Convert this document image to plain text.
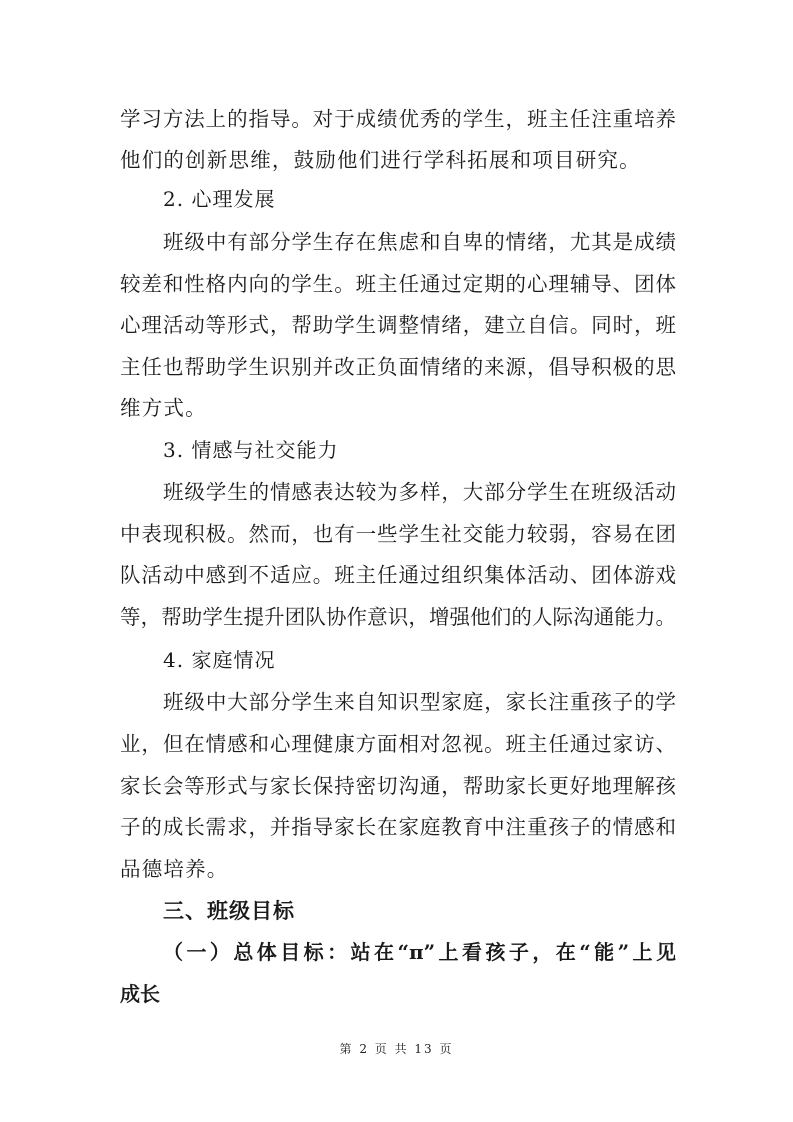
学习方法上的指导。对于成绩优秀的学生，班主任注重培养
他们的创新思维，鼓励他们进行学科拓展和项目研究。
2. 心理发展
班级中有部分学生存在焦虑和自卑的情绪，尤其是成绩
较差和性格内向的学生。班主任通过定期的心理辅导、团体
心理活动等形式，帮助学生调整情绪，建立自信。同时，班
主任也帮助学生识别并改正负面情绪的来源，倡导积极的思
维方式。
3. 情感与社交能力
班级学生的情感表达较为多样，大部分学生在班级活动
中表现积极。然而，也有一些学生社交能力较弱，容易在团
队活动中感到不适应。班主任通过组织集体活动、团体游戏
等，帮助学生提升团队协作意识，增强他们的人际沟通能力。
4. 家庭情况
班级中大部分学生来自知识型家庭，家长注重孩子的学
业，但在情感和心理健康方面相对忽视。班主任通过家访、
家长会等形式与家长保持密切沟通，帮助家长更好地理解孩
子的成长需求，并指导家长在家庭教育中注重孩子的情感和
品德培养。
三、班级目标
（一）总体目标：站在“π”上看孩子，在“能”上见
成长
第 2 页 共 13 页
